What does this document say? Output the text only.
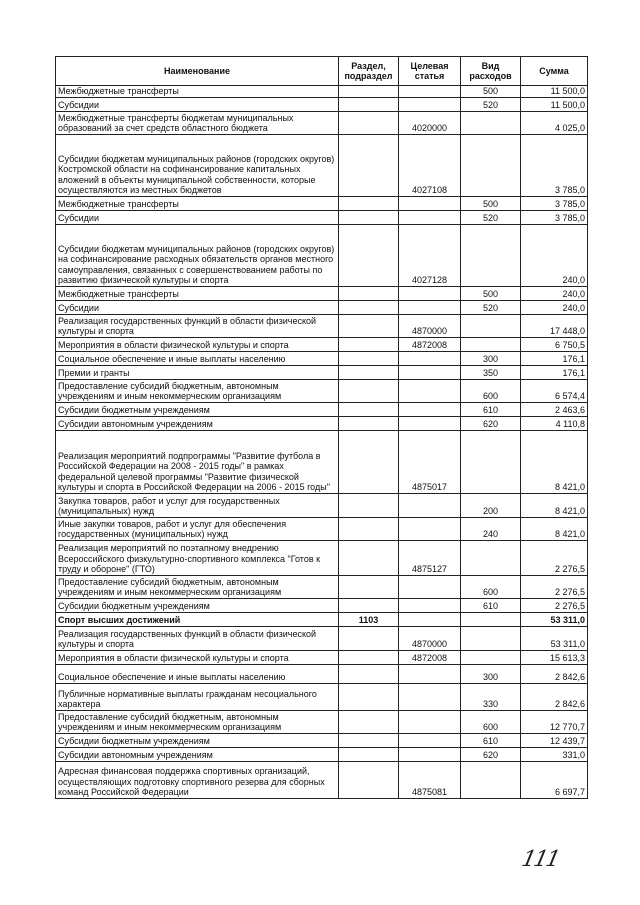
Наименование	Раздел, подраздел	Целевая статья	Вид расходов	Сумма
Межбюджетные трансферты			500	11 500,0
Субсидии			520	11 500,0
Межбюджетные трансферты бюджетам муниципальных образований за счет средств областного бюджета		4020000		4 025,0
Субсидии бюджетам муниципальных районов (городских округов) Костромской области на софинансирование капитальных вложений в объекты муниципальной собственности, которые осуществляются из местных бюджетов		4027108		3 785,0
Межбюджетные трансферты			500	3 785,0
Субсидии			520	3 785,0
Субсидии бюджетам муниципальных районов (городских округов) на софинансирование расходных обязательств органов местного самоуправления, связанных с совершенствованием работы по развитию физической культуры и спорта		4027128		240,0
Межбюджетные трансферты			500	240,0
Субсидии			520	240,0
Реализация государственных функций в области физической культуры и спорта		4870000		17 448,0
Мероприятия в области физической культуры и спорта		4872008		6 750,5
Социальное обеспечение и иные выплаты населению			300	176,1
Премии и гранты			350	176,1
Предоставление субсидий бюджетным, автономным учреждениям и иным некоммерческим организациям			600	6 574,4
Субсидии бюджетным учреждениям			610	2 463,6
Субсидии автономным учреждениям			620	4 110,8
Реализация мероприятий подпрограммы "Развитие футбола в Российской Федерации на 2008 - 2015 годы" в рамках федеральной целевой программы "Развитие физической культуры и спорта в Российской Федерации на 2006 - 2015 годы"		4875017		8 421,0
Закупка товаров, работ и услуг для государственных (муниципальных) нужд			200	8 421,0
Иные закупки товаров, работ и услуг для обеспечения государственных (муниципальных) нужд			240	8 421,0
Реализация мероприятий по поэтапному внедрению Всероссийского физкультурно-спортивного комплекса "Готов к труду и обороне" (ГТО)		4875127		2 276,5
Предоставление субсидий бюджетным, автономным учреждениям и иным некоммерческим организациям			600	2 276,5
Субсидии бюджетным учреждениям			610	2 276,5
Спорт высших достижений	1103			53 311,0
Реализация государственных функций в области физической культуры и спорта		4870000		53 311,0
Мероприятия в области физической культуры и спорта		4872008		15 613,3
Социальное обеспечение и иные выплаты населению			300	2 842,6
Публичные нормативные выплаты гражданам несоциального характера			330	2 842,6
Предоставление субсидий бюджетным, автономным учреждениям и иным некоммерческим организациям			600	12 770,7
Субсидии бюджетным учреждениям			610	12 439,7
Субсидии автономным учреждениям			620	331,0
Адресная финансовая поддержка спортивных организаций, осуществляющих подготовку спортивного резерва для сборных команд Российской Федерации		4875081		6 697,7
111
